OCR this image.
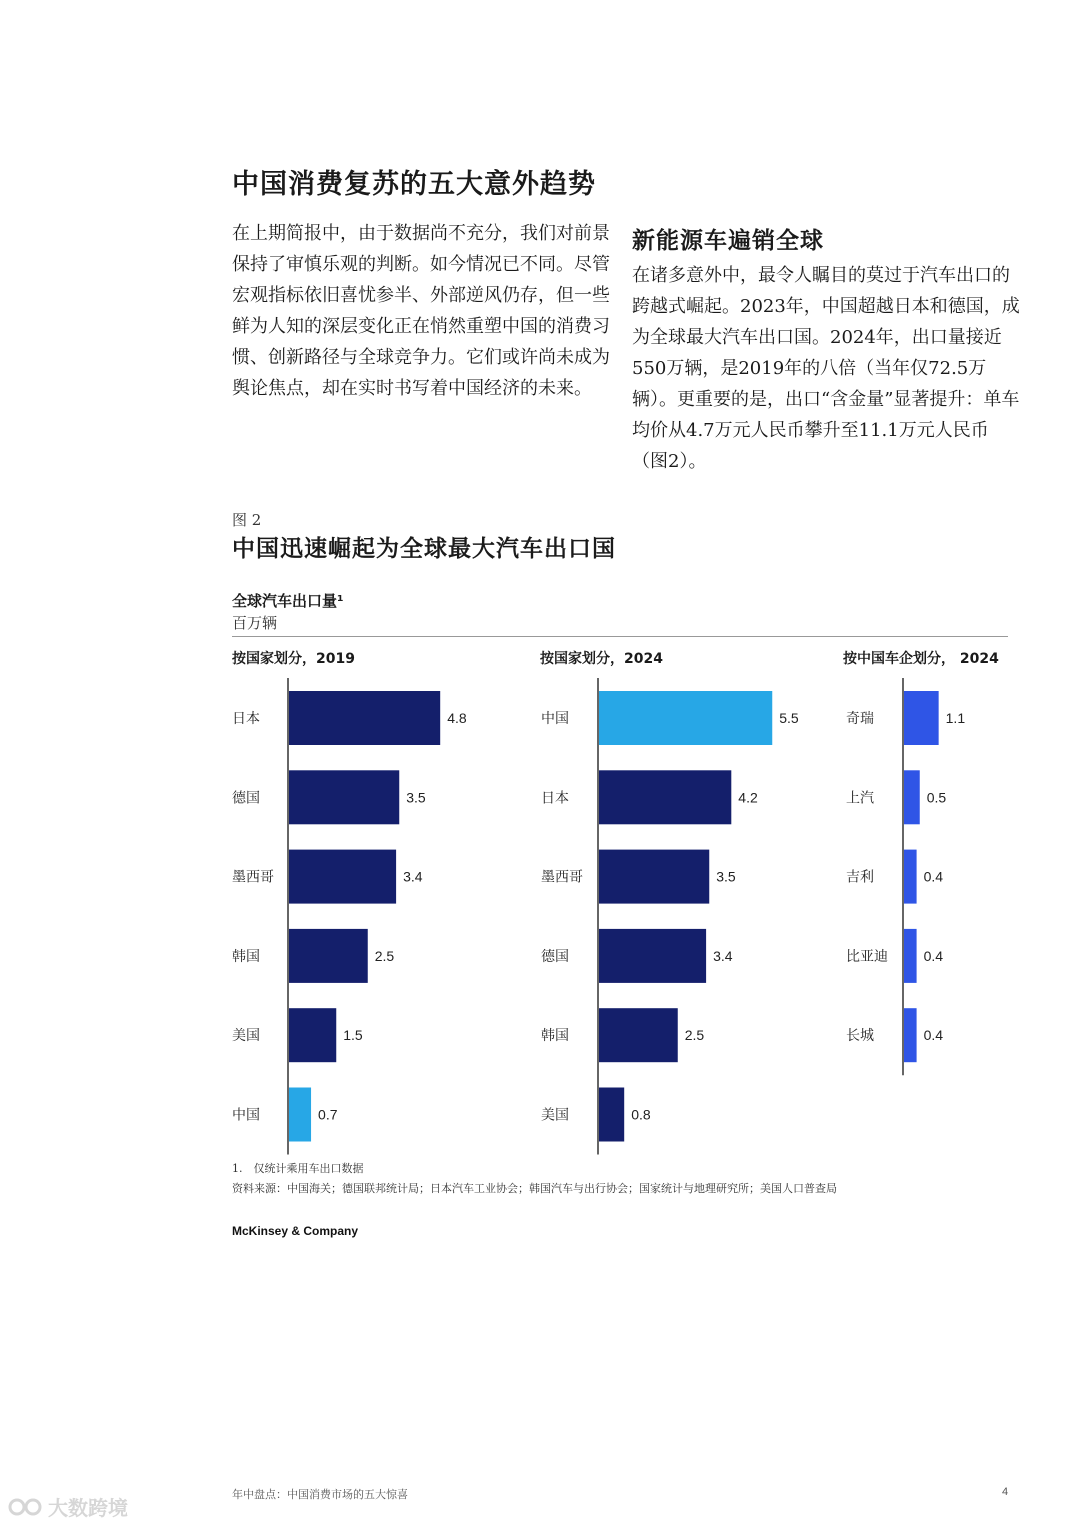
中国消费复苏的五大意外趋势

在上期简报中，由于数据尚不充分，我们对前景保持了审慎乐观的判断。如今情况已不同。尽管宏观指标依旧喜忧参半、外部逆风仍存，但一些鲜为人知的深层变化正在悄然重塑中国的消费习惯、创新路径与全球竞争力。它们或许尚未成为舆论焦点，却在实时书写着中国经济的未来。

新能源车遍销全球

在诸多意外中，最令人瞩目的莫过于汽车出口的跨越式崛起。2023年，中国超越日本和德国，成为全球最大汽车出口国。2024年，出口量接近550万辆，是2019年的八倍（当年仅72.5万辆）。更重要的是，出口“含金量”显著提升：单车均价从4.7万元人民币攀升至11.1万元人民币（图2）。

图 2
中国迅速崛起为全球最大汽车出口国
全球汽车出口量¹
百万辆
按国家划分，2019	按国家划分，2024	按中国车企划分， 2024
日本	4.8
德国	3.5
墨西哥	3.4
韩国	2.5
美国	1.5
中国	0.7
中国	5.5
日本	4.2
墨西哥	3.5
德国	3.4
韩国	2.5
美国	0.8
奇瑞	1.1
上汽	0.5
吉利	0.4
比亚迪	0.4
长城	0.4
1.　仅统计乘用车出口数据
资料来源：中国海关；德国联邦统计局；日本汽车工业协会；韩国汽车与出行协会；国家统计与地理研究所；美国人口普查局
McKinsey & Company
大数跨境
年中盘点：中国消费市场的五大惊喜	4
